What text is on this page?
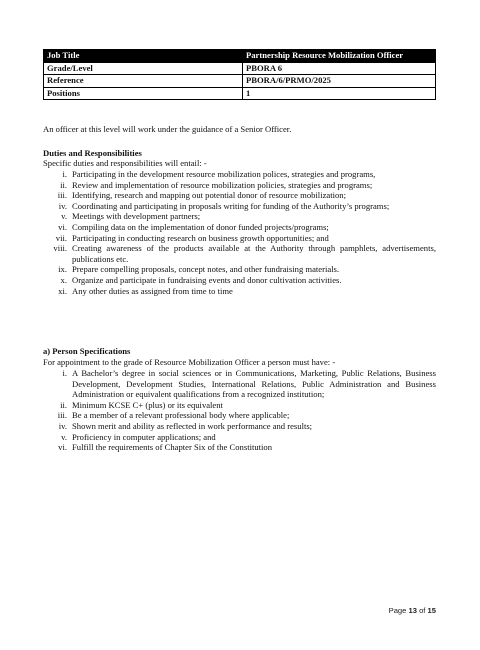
Job Title	Partnership Resource Mobilization Officer
Grade/Level	PBORA 6
Reference	PBORA/6/PRMO/2025
Positions	1

An officer at this level will work under the guidance of a Senior Officer.

Duties and Responsibilities

Specific duties and responsibilities will entail: -

i. Participating in the development resource mobilization polices, strategies and programs,
ii. Review and implementation of resource mobilization policies, strategies and programs;
iii. Identifying, research and mapping out potential donor of resource mobilization;
iv. Coordinating and participating in proposals writing for funding of the Authority’s programs;
v. Meetings with development partners;
vi. Compiling data on the implementation of donor funded projects/programs;
vii. Participating in conducting research on business growth opportunities; and
viii. Creating awareness of the products available at the Authority through pamphlets, advertisements, publications etc.
ix. Prepare compelling proposals, concept notes, and other fundraising materials.
x. Organize and participate in fundraising events and donor cultivation activities.
xi. Any other duties as assigned from time to time

a) Person Specifications

For appointment to the grade of Resource Mobilization Officer a person must have: -

i. A Bachelor’s degree in social sciences or in Communications, Marketing, Public Relations, Business Development, Development Studies, International Relations, Public Administration and Business Administration or equivalent qualifications from a recognized institution;
ii. Minimum KCSE C+ (plus) or its equivalent
iii. Be a member of a relevant professional body where applicable;
iv. Shown merit and ability as reflected in work performance and results;
v. Proficiency in computer applications; and
vi. Fulfill the requirements of Chapter Six of the Constitution
Page 13 of 15
